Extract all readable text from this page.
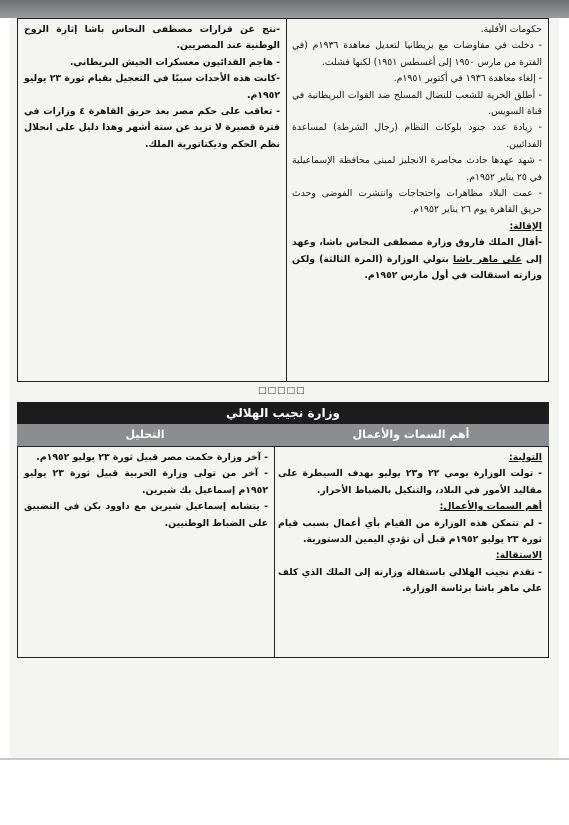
حكومات الأقلية.

- دخلت في مفاوضات مع بريطانيا لتعديل معاهدة ١٩٣٦م (في الفترة من مارس ١٩٥٠ إلى أغسطس ١٩٥١) لكنها فشلت.

- إلغاء معاهدة ١٩٣٦ في أكتوبر ١٩٥١م.

- أطلق الحرية للشعب للنضال المسلح ضد القوات البريطانية في قناة السويس.

- زيادة عدد جنود بلوكات النظام (رجال الشرطة) لمساعدة الفدائيين.

- شهد عهدها حادث محاصرة الانجليز لمبنى محافظة الإسماعيلية في ٢٥ يناير ١٩٥٢م.

- عمت البلاد مظاهرات واحتجاجات وانتشرت الفوضى وحدث حريق القاهرة يوم ٢٦ يناير ١٩٥٢م.

الإقالة:

-أقال الملك فاروق وزارة مصطفى النحاس باشا، وعهد إلى علي ماهر باشا بتولي الوزارة (المرة الثالثة) ولكن وزارته استقالت في أول مارس ١٩٥٢م.

-نتج عن قرارات مصطفى النحاس باشا إثارة الروح الوطنية عند المصريين.

- هاجم الفدائيون معسكرات الجيش البريطاني.

-كانت هذه الأحداث سببًا في التعجيل بقيام ثورة ٢٣ يوليو ١٩٥٢م.

- تعاقب على حكم مصر بعد حريق القاهرة ٤ وزارات في فترة قصيرة لا تزيد عن ستة أشهر وهذا دليل على انحلال نظم الحكم وديكتاتورية الملك.

□□□□□
وزارة نجيب الهلالي
أهم السمات والأعمال
التحليل

التولية:

- تولت الوزارة يومي ٢٢ و٢٣ يوليو بهدف السيطرة على مقاليد الأمور في البلاد، والتنكيل بالضباط الأحرار.

أهم السمات والأعمال:

- لم تتمكن هذه الوزارة من القيام بأي أعمال بسبب قيام ثورة ٢٣ يوليو ١٩٥٢م قبل أن تؤدي اليمين الدستورية.

الاستقالة:

- تقدم نجيب الهلالي باستقالة وزارته إلى الملك الذي كلف علي ماهر باشا برئاسة الوزارة.

- آخر وزارة حكمت مصر قبيل ثورة ٢٣ يوليو ١٩٥٢م.

- آخر من تولى وزارة الحربية قبيل ثورة ٢٣ يوليو ١٩٥٢م إسماعيل بك شيرين.

- يتشابه إسماعيل شيرين مع داوود بكن في التضييق على الضباط الوطنيين.
